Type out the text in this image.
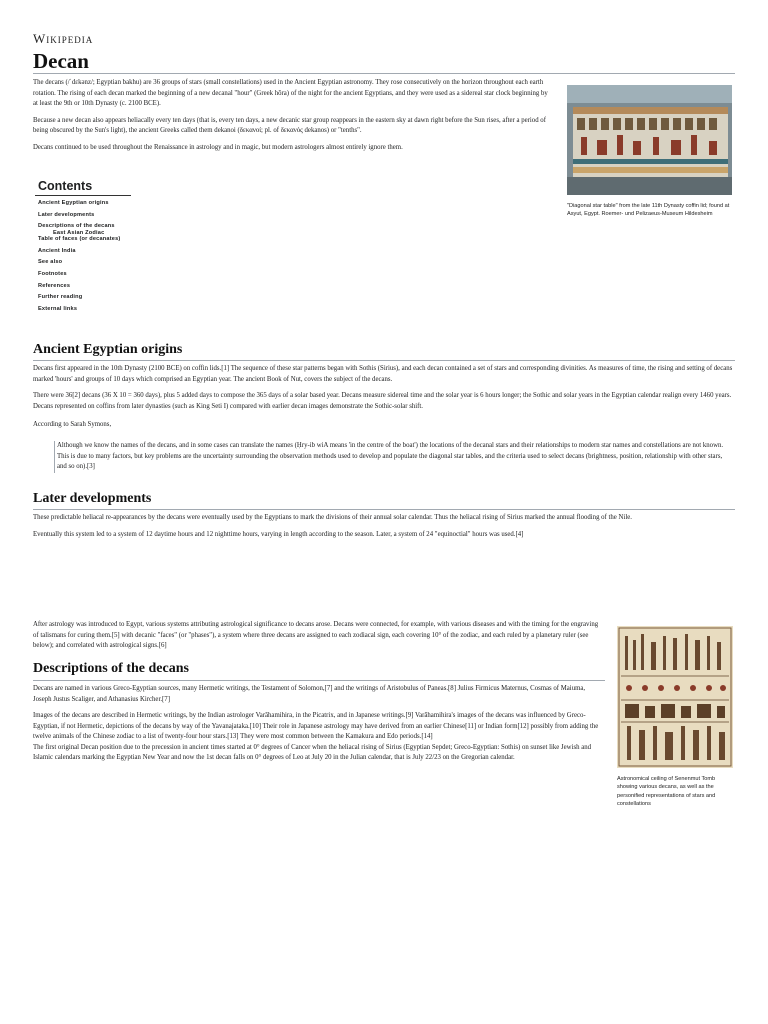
Wikipedia
Decan

The decans (/ˈdɛkənz/; Egyptian bakhu) are 36 groups of stars (small constellations) used in the Ancient Egyptian astronomy. They rose consecutively on the horizon throughout each earth rotation. The rising of each decan marked the beginning of a new decanal "hour" (Greek hōra) of the night for the ancient Egyptians, and they were used as a sidereal star clock beginning by at least the 9th or 10th Dynasty (c. 2100 BCE).

Because a new decan also appears heliacally every ten days (that is, every ten days, a new decanic star group reappears in the eastern sky at dawn right before the Sun rises, after a period of being obscured by the Sun's light), the ancient Greeks called them dekanoi (δεκανοί; pl. of δεκανός dekanos) or "tenths".

Decans continued to be used throughout the Renaissance in astrology and in magic, but modern astrologers almost entirely ignore them.

"Diagonal star table" from the late 11th Dynasty coffin lid; found at Asyut, Egypt. Roemer- und Pelizaeus-Museum Hildesheim
Contents
Ancient Egyptian origins
Later developments
Descriptions of the decans
East Asian Zodiac
Table of faces (or decanates)
Ancient India
See also
Footnotes
References
Further reading
External links
Ancient Egyptian origins

Decans first appeared in the 10th Dynasty (2100 BCE) on coffin lids.[1] The sequence of these star patterns began with Sothis (Sirius), and each decan contained a set of stars and corresponding divinities. As measures of time, the rising and setting of decans marked 'hours' and groups of 10 days which comprised an Egyptian year. The ancient Book of Nut, covers the subject of the decans.

There were 36[2] decans (36 X 10 = 360 days), plus 5 added days to compose the 365 days of a solar based year. Decans measure sidereal time and the solar year is 6 hours longer; the Sothic and solar years in the Egyptian calendar realign every 1460 years. Decans represented on coffins from later dynasties (such as King Seti I) compared with earlier decan images demonstrate the Sothic-solar shift.

According to Sarah Symons,

Although we know the names of the decans, and in some cases can translate the names (Ḥry-ib wiA means 'in the centre of the boat') the locations of the decanal stars and their relationships to modern star names and constellations are not known. This is due to many factors, but key problems are the uncertainty surrounding the observation methods used to develop and populate the diagonal star tables, and the criteria used to select decans (brightness, position, relationship with other stars, and so on).[3]

Later developments

These predictable heliacal re-appearances by the decans were eventually used by the Egyptians to mark the divisions of their annual solar calendar. Thus the heliacal rising of Sirius marked the annual flooding of the Nile.

Eventually this system led to a system of 12 daytime hours and 12 nighttime hours, varying in length according to the season. Later, a system of 24 "equinoctial" hours was used.[4]

After astrology was introduced to Egypt, various systems attributing astrological significance to decans arose. Decans were connected, for example, with various diseases and with the timing for the engraving of talismans for curing them.[5] with decanic "faces" (or "phases"), a system where three decans are assigned to each zodiacal sign, each covering 10° of the zodiac, and each ruled by a planetary ruler (see below); and correlated with astrological signs.[6]

Astronomical ceiling of Senenmut Tomb showing various decans, as well as the personified representations of stars and constellations
Descriptions of the decans

Decans are named in various Greco-Egyptian sources, many Hermetic writings, the Testament of Solomon,[7] and the writings of Aristobulus of Paneas.[8] Julius Firmicus Maternus, Cosmas of Maiuma, Joseph Justus Scaliger, and Athanasius Kircher.[7]

Images of the decans are described in Hermetic writings, by the Indian astrologer Varāhamihira, in the Picatrix, and in Japanese writings.[9] Varāhamihira's images of the decans was influenced by Greco-Egyptian, if not Hermetic, depictions of the decans by way of the Yavanajataka.[10] Their role in Japanese astrology may have derived from an earlier Chinese[11] or Indian form[12] possibly from adding the twelve animals of the Chinese zodiac to a list of twenty-four hour stars.[13] They were most common between the Kamakura and Edo periods.[14]

The first original Decan position due to the precession in ancient times started at 0° degrees of Cancer when the heliacal rising of Sirius (Egyptian Sepdet; Greco-Egyptian: Sothis) on sunset like Jewish and Islamic calendars marking the Egyptian New Year and now the 1st decan falls on 0° degrees of Leo at July 20 in the Julian calendar, that is July 22/23 on the Gregorian calendar.
